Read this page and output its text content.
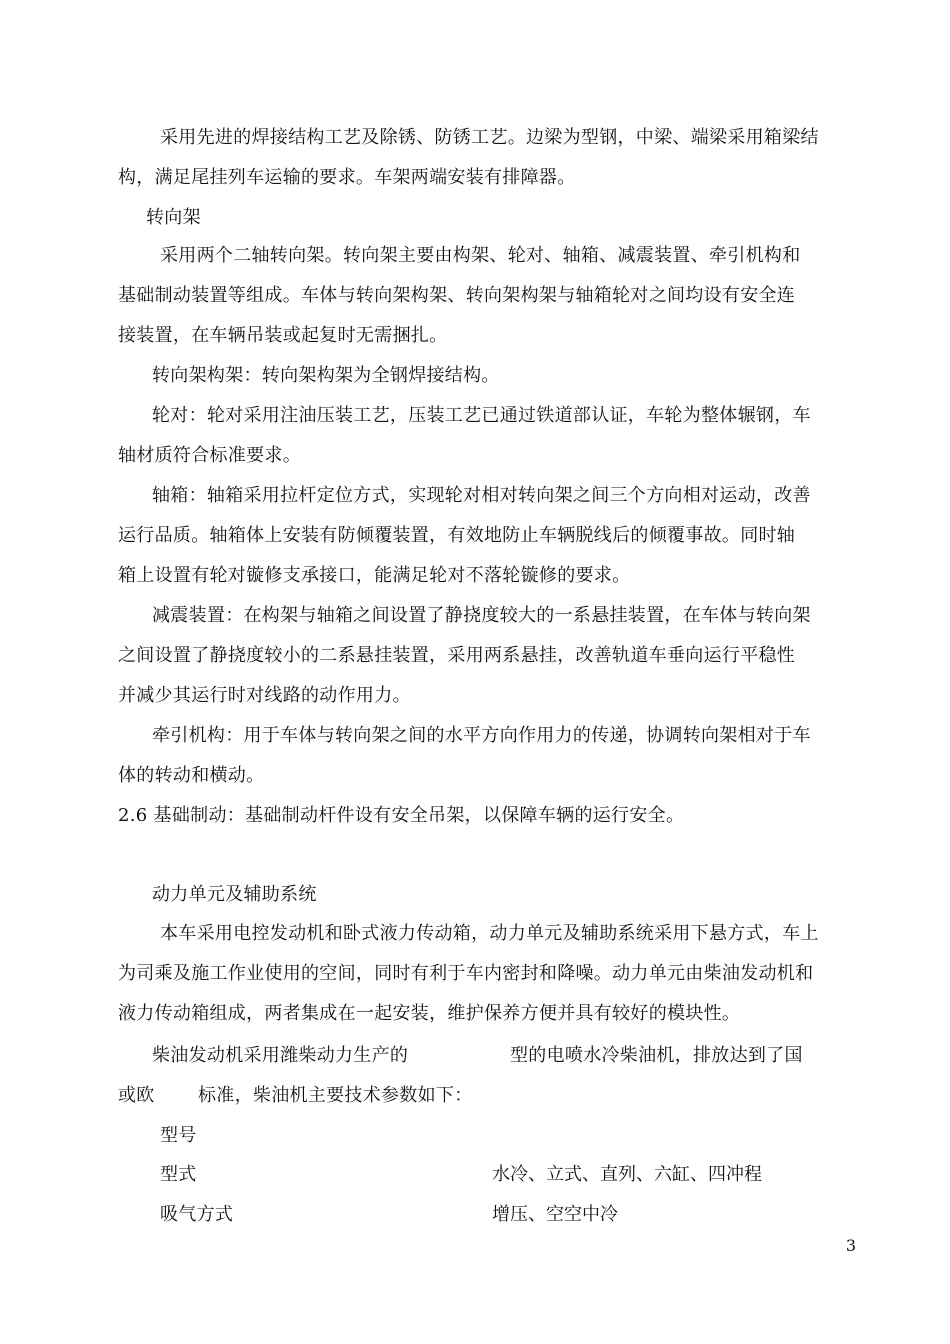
采用先进的焊接结构工艺及除锈、防锈工艺。边梁为型钢，中梁、端梁采用箱梁结
构，满足尾挂列车运输的要求。车架两端安装有排障器。
转向架
采用两个二轴转向架。转向架主要由构架、轮对、轴箱、减震装置、牵引机构和
基础制动装置等组成。车体与转向架构架、转向架构架与轴箱轮对之间均设有安全连
接装置，在车辆吊装或起复时无需捆扎。
转向架构架：转向架构架为全钢焊接结构。
轮对：轮对采用注油压装工艺，压装工艺已通过铁道部认证，车轮为整体辗钢，车
轴材质符合标准要求。
轴箱：轴箱采用拉杆定位方式，实现轮对相对转向架之间三个方向相对运动，改善
运行品质。轴箱体上安装有防倾覆装置，有效地防止车辆脱线后的倾覆事故。同时轴
箱上设置有轮对镟修支承接口，能满足轮对不落轮镟修的要求。
减震装置：在构架与轴箱之间设置了静挠度较大的一系悬挂装置，在车体与转向架
之间设置了静挠度较小的二系悬挂装置，采用两系悬挂，改善轨道车垂向运行平稳性
并减少其运行时对线路的动作用力。
牵引机构：用于车体与转向架之间的水平方向作用力的传递，协调转向架相对于车
体的转动和横动。
2.6 基础制动：基础制动杆件设有安全吊架，以保障车辆的运行安全。
动力单元及辅助系统
本车采用电控发动机和卧式液力传动箱，动力单元及辅助系统采用下悬方式，车上
为司乘及施工作业使用的空间，同时有利于车内密封和降噪。动力单元由柴油发动机和
液力传动箱组成，两者集成在一起安装，维护保养方便并具有较好的模块性。
柴油发动机采用潍柴动力生产的	型的电喷水冷柴油机，排放达到了国
或欧 标准，柴油机主要技术参数如下：
型号
型式	水冷、立式、直列、六缸、四冲程
吸气方式	增压、空空中冷
3
